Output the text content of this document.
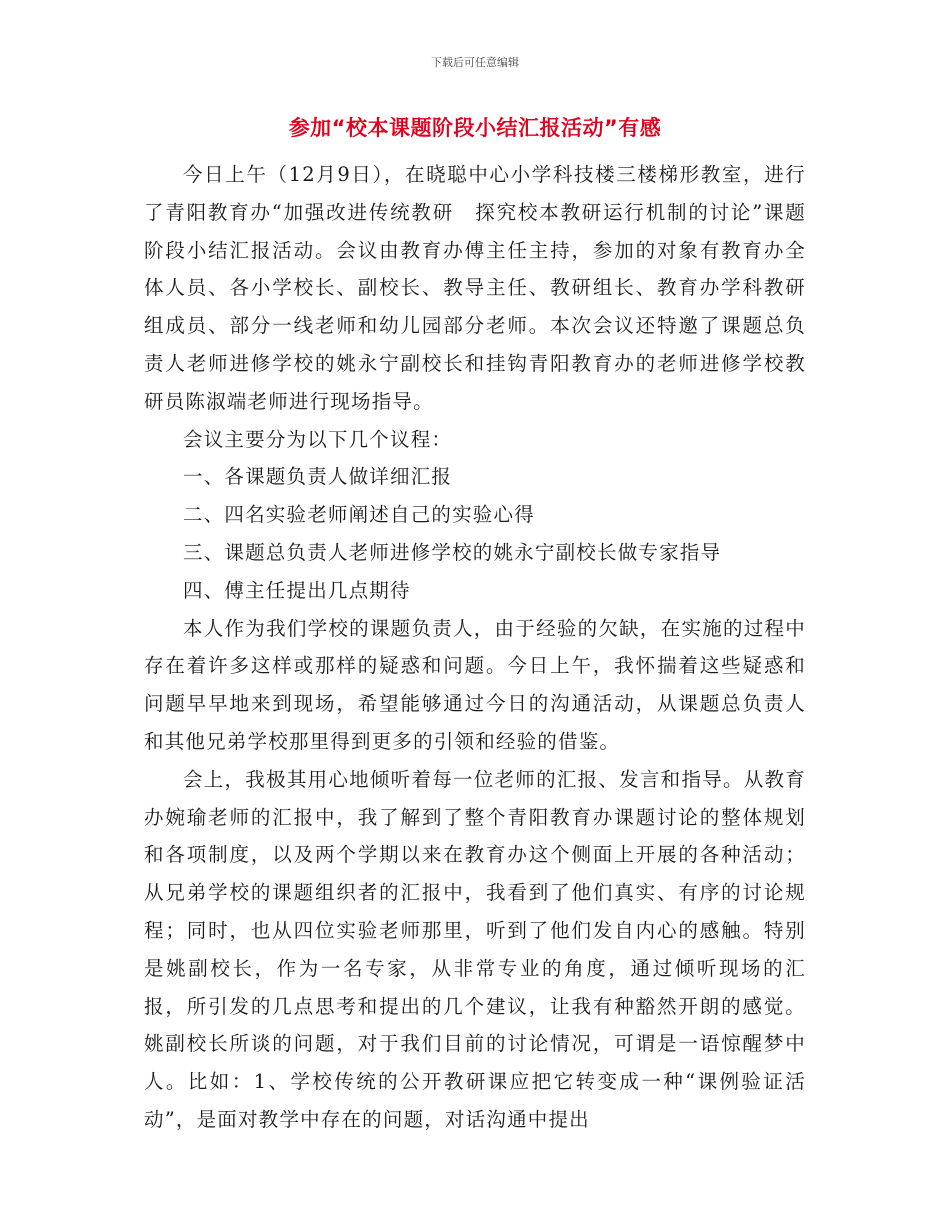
下载后可任意编辑
参加“校本课题阶段小结汇报活动”有感

今日上午（12月9日），在晓聪中心小学科技楼三楼梯形教室，进行了青阳教育办“加强改进传统教研　探究校本教研运行机制的讨论”课题阶段小结汇报活动。会议由教育办傅主任主持，参加的对象有教育办全体人员、各小学校长、副校长、教导主任、教研组长、教育办学科教研组成员、部分一线老师和幼儿园部分老师。本次会议还特邀了课题总负责人老师进修学校的姚永宁副校长和挂钩青阳教育办的老师进修学校教研员陈淑端老师进行现场指导。

会议主要分为以下几个议程：

一、各课题负责人做详细汇报

二、四名实验老师阐述自己的实验心得

三、课题总负责人老师进修学校的姚永宁副校长做专家指导

四、傅主任提出几点期待

本人作为我们学校的课题负责人，由于经验的欠缺，在实施的过程中存在着许多这样或那样的疑惑和问题。今日上午，我怀揣着这些疑惑和问题早早地来到现场，希望能够通过今日的沟通活动，从课题总负责人和其他兄弟学校那里得到更多的引领和经验的借鉴。

会上，我极其用心地倾听着每一位老师的汇报、发言和指导。从教育办婉瑜老师的汇报中，我了解到了整个青阳教育办课题讨论的整体规划和各项制度，以及两个学期以来在教育办这个侧面上开展的各种活动；从兄弟学校的课题组织者的汇报中，我看到了他们真实、有序的讨论规程；同时，也从四位实验老师那里，听到了他们发自内心的感触。特别是姚副校长，作为一名专家，从非常专业的角度，通过倾听现场的汇报，所引发的几点思考和提出的几个建议，让我有种豁然开朗的感觉。姚副校长所谈的问题，对于我们目前的讨论情况，可谓是一语惊醒梦中人。比如：1、学校传统的公开教研课应把它转变成一种“课例验证活动”，是面对教学中存在的问题，对话沟通中提出
